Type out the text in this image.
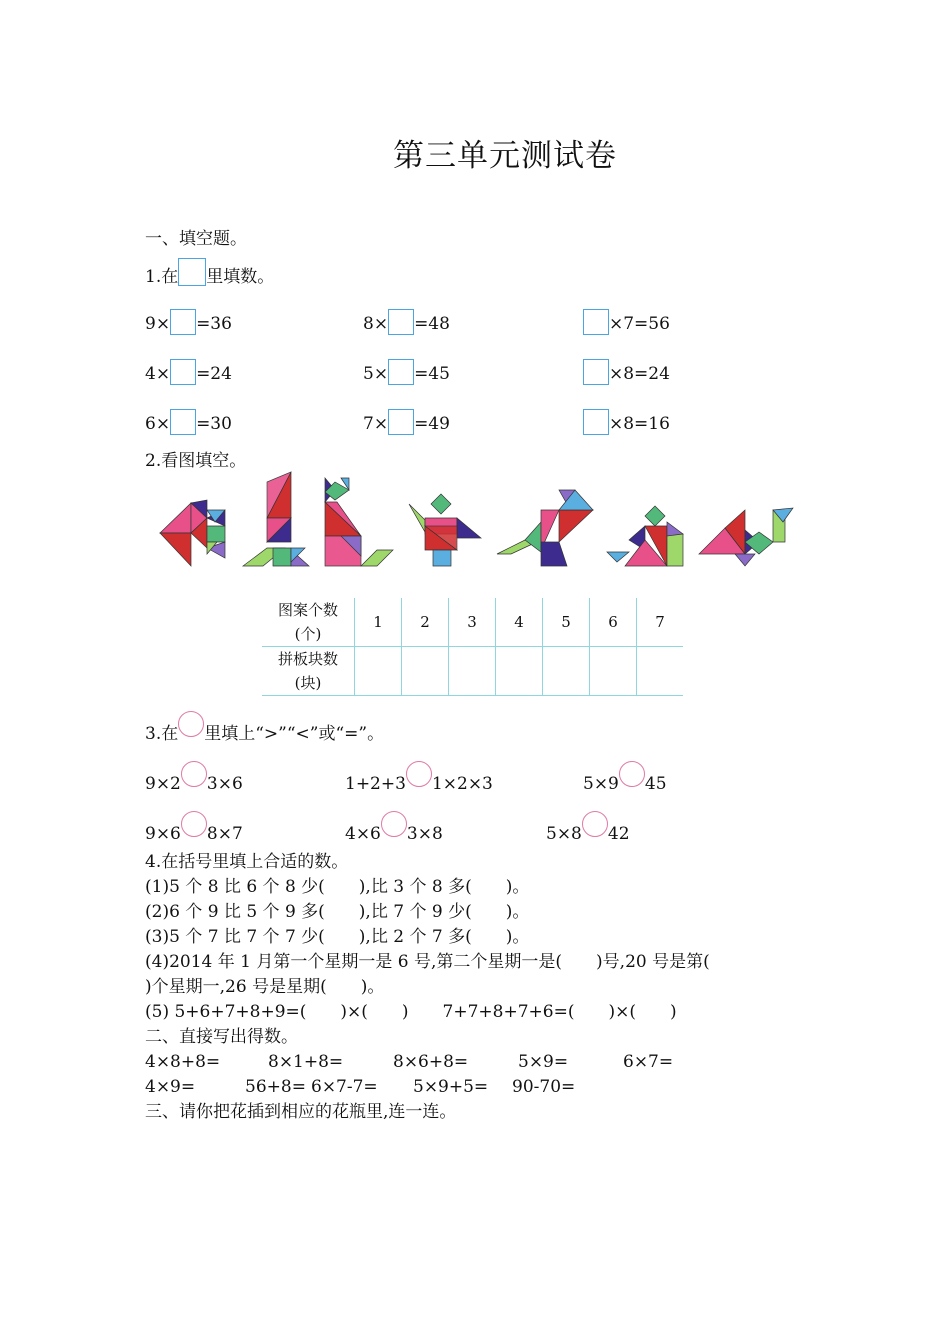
第三单元测试卷
一、填空题。
1.在 里填数。
9× =36	8× =48	×7=56
4× =24	5× =45	×8=24
6× =30	7× =49	×8=16
2.看图填空。
图案个数
(个)	1	2	3	4	5	6	7
拼板块数
(块)							
3.在 里填上“>”“<”或“=”。
9×2 3×6	1+2+3 1×2×3	5×9 45
9×6 8×7	4×6 3×8	5×8 42
4.在括号里填上合适的数。
(1)5 个 8 比 6 个 8 少(　　),比 3 个 8 多(　　)。
(2)6 个 9 比 5 个 9 多(　　),比 7 个 9 少(　　)。
(3)5 个 7 比 7 个 7 少(　　),比 2 个 7 多(　　)。
(4)2014 年 1 月第一个星期一是 6 号,第二个星期一是(　　)号,20 号是第(
)个星期一,26 号是星期(　　)。
(5) 5+6+7+8+9=(　　)×(　　)　　7+7+8+7+6=(　　)×(　　)
二、直接写出得数。
4×8+8=	8×1+8=	8×6+8=	5×9=	6×7=
4×9=	56+8= 6×7-7= 5×9+5= 90-70=
三、请你把花插到相应的花瓶里,连一连。
